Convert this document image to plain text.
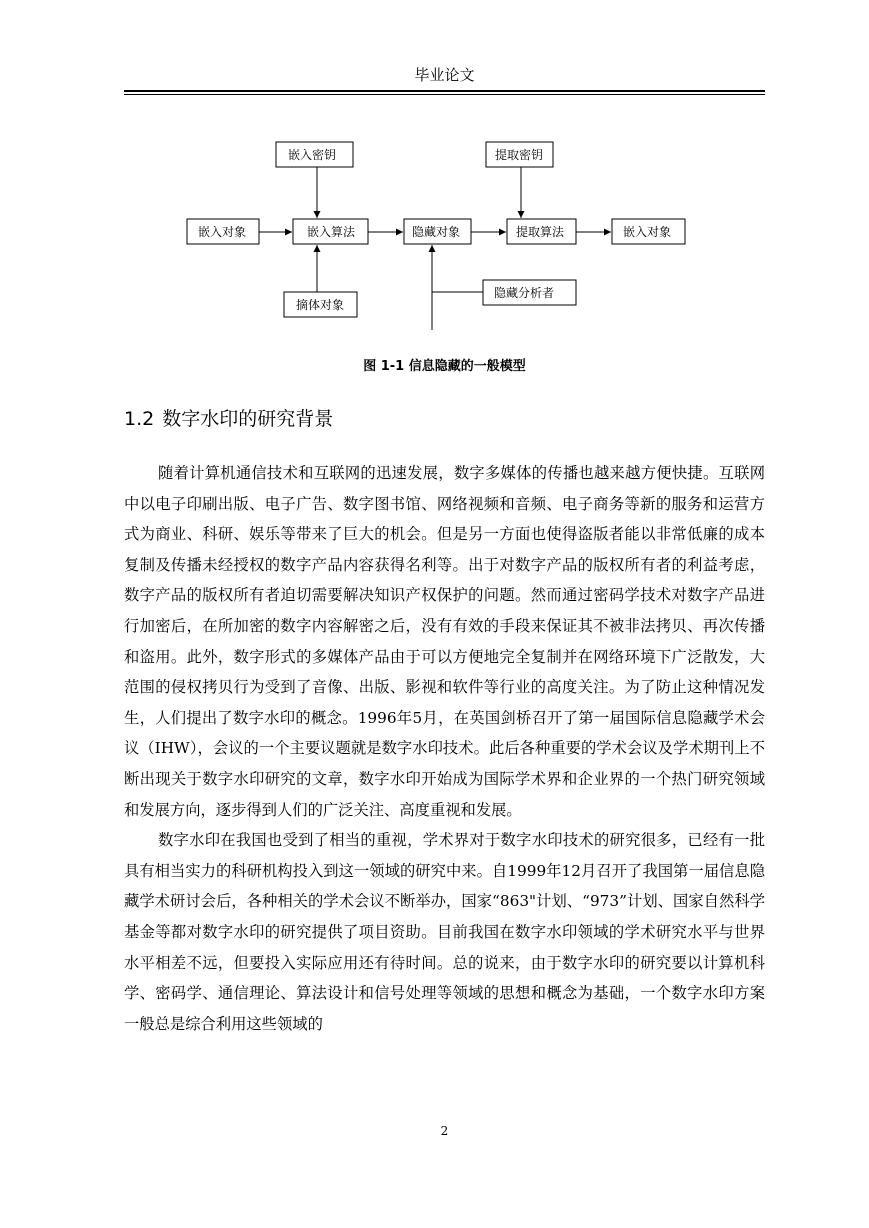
毕业论文
嵌入密钥	提取密钥
嵌入对象	嵌入算法	隐藏对象	提取算法	嵌入对象
摘体对象
隐藏分析者
图 1-1 信息隐藏的一般模型
1.2 数字水印的研究背景

随着计算机通信技术和互联网的迅速发展，数字多媒体的传播也越来越方便快捷。互联网中以电子印刷出版、电子广告、数字图书馆、网络视频和音频、电子商务等新的服务和运营方式为商业、科研、娱乐等带来了巨大的机会。但是另一方面也使得盗版者能以非常低廉的成本复制及传播未经授权的数字产品内容获得名利等。出于对数字产品的版权所有者的利益考虑，数字产品的版权所有者迫切需要解决知识产权保护的问题。然而通过密码学技术对数字产品进行加密后，在所加密的数字内容解密之后，没有有效的手段来保证其不被非法拷贝、再次传播和盗用。此外，数字形式的多媒体产品由于可以方便地完全复制并在网络环境下广泛散发，大范围的侵权拷贝行为受到了音像、出版、影视和软件等行业的高度关注。为了防止这种情况发生，人们提出了数字水印的概念。1996年5月，在英国剑桥召开了第一届国际信息隐藏学术会议（IHW），会议的一个主要议题就是数字水印技术。此后各种重要的学术会议及学术期刊上不断出现关于数字水印研究的文章，数字水印开始成为国际学术界和企业界的一个热门研究领域和发展方向，逐步得到人们的广泛关注、高度重视和发展。

数字水印在我国也受到了相当的重视，学术界对于数字水印技术的研究很多，已经有一批具有相当实力的科研机构投入到这一领域的研究中来。自1999年12月召开了我国第一届信息隐藏学术研讨会后，各种相关的学术会议不断举办，国家“863"计划、“973”计划、国家自然科学基金等都对数字水印的研究提供了项目资助。目前我国在数字水印领域的学术研究水平与世界水平相差不远，但要投入实际应用还有待时间。总的说来，由于数字水印的研究要以计算机科学、密码学、通信理论、算法设计和信号处理等领域的思想和概念为基础，一个数字水印方案一般总是综合利用这些领域的

2
